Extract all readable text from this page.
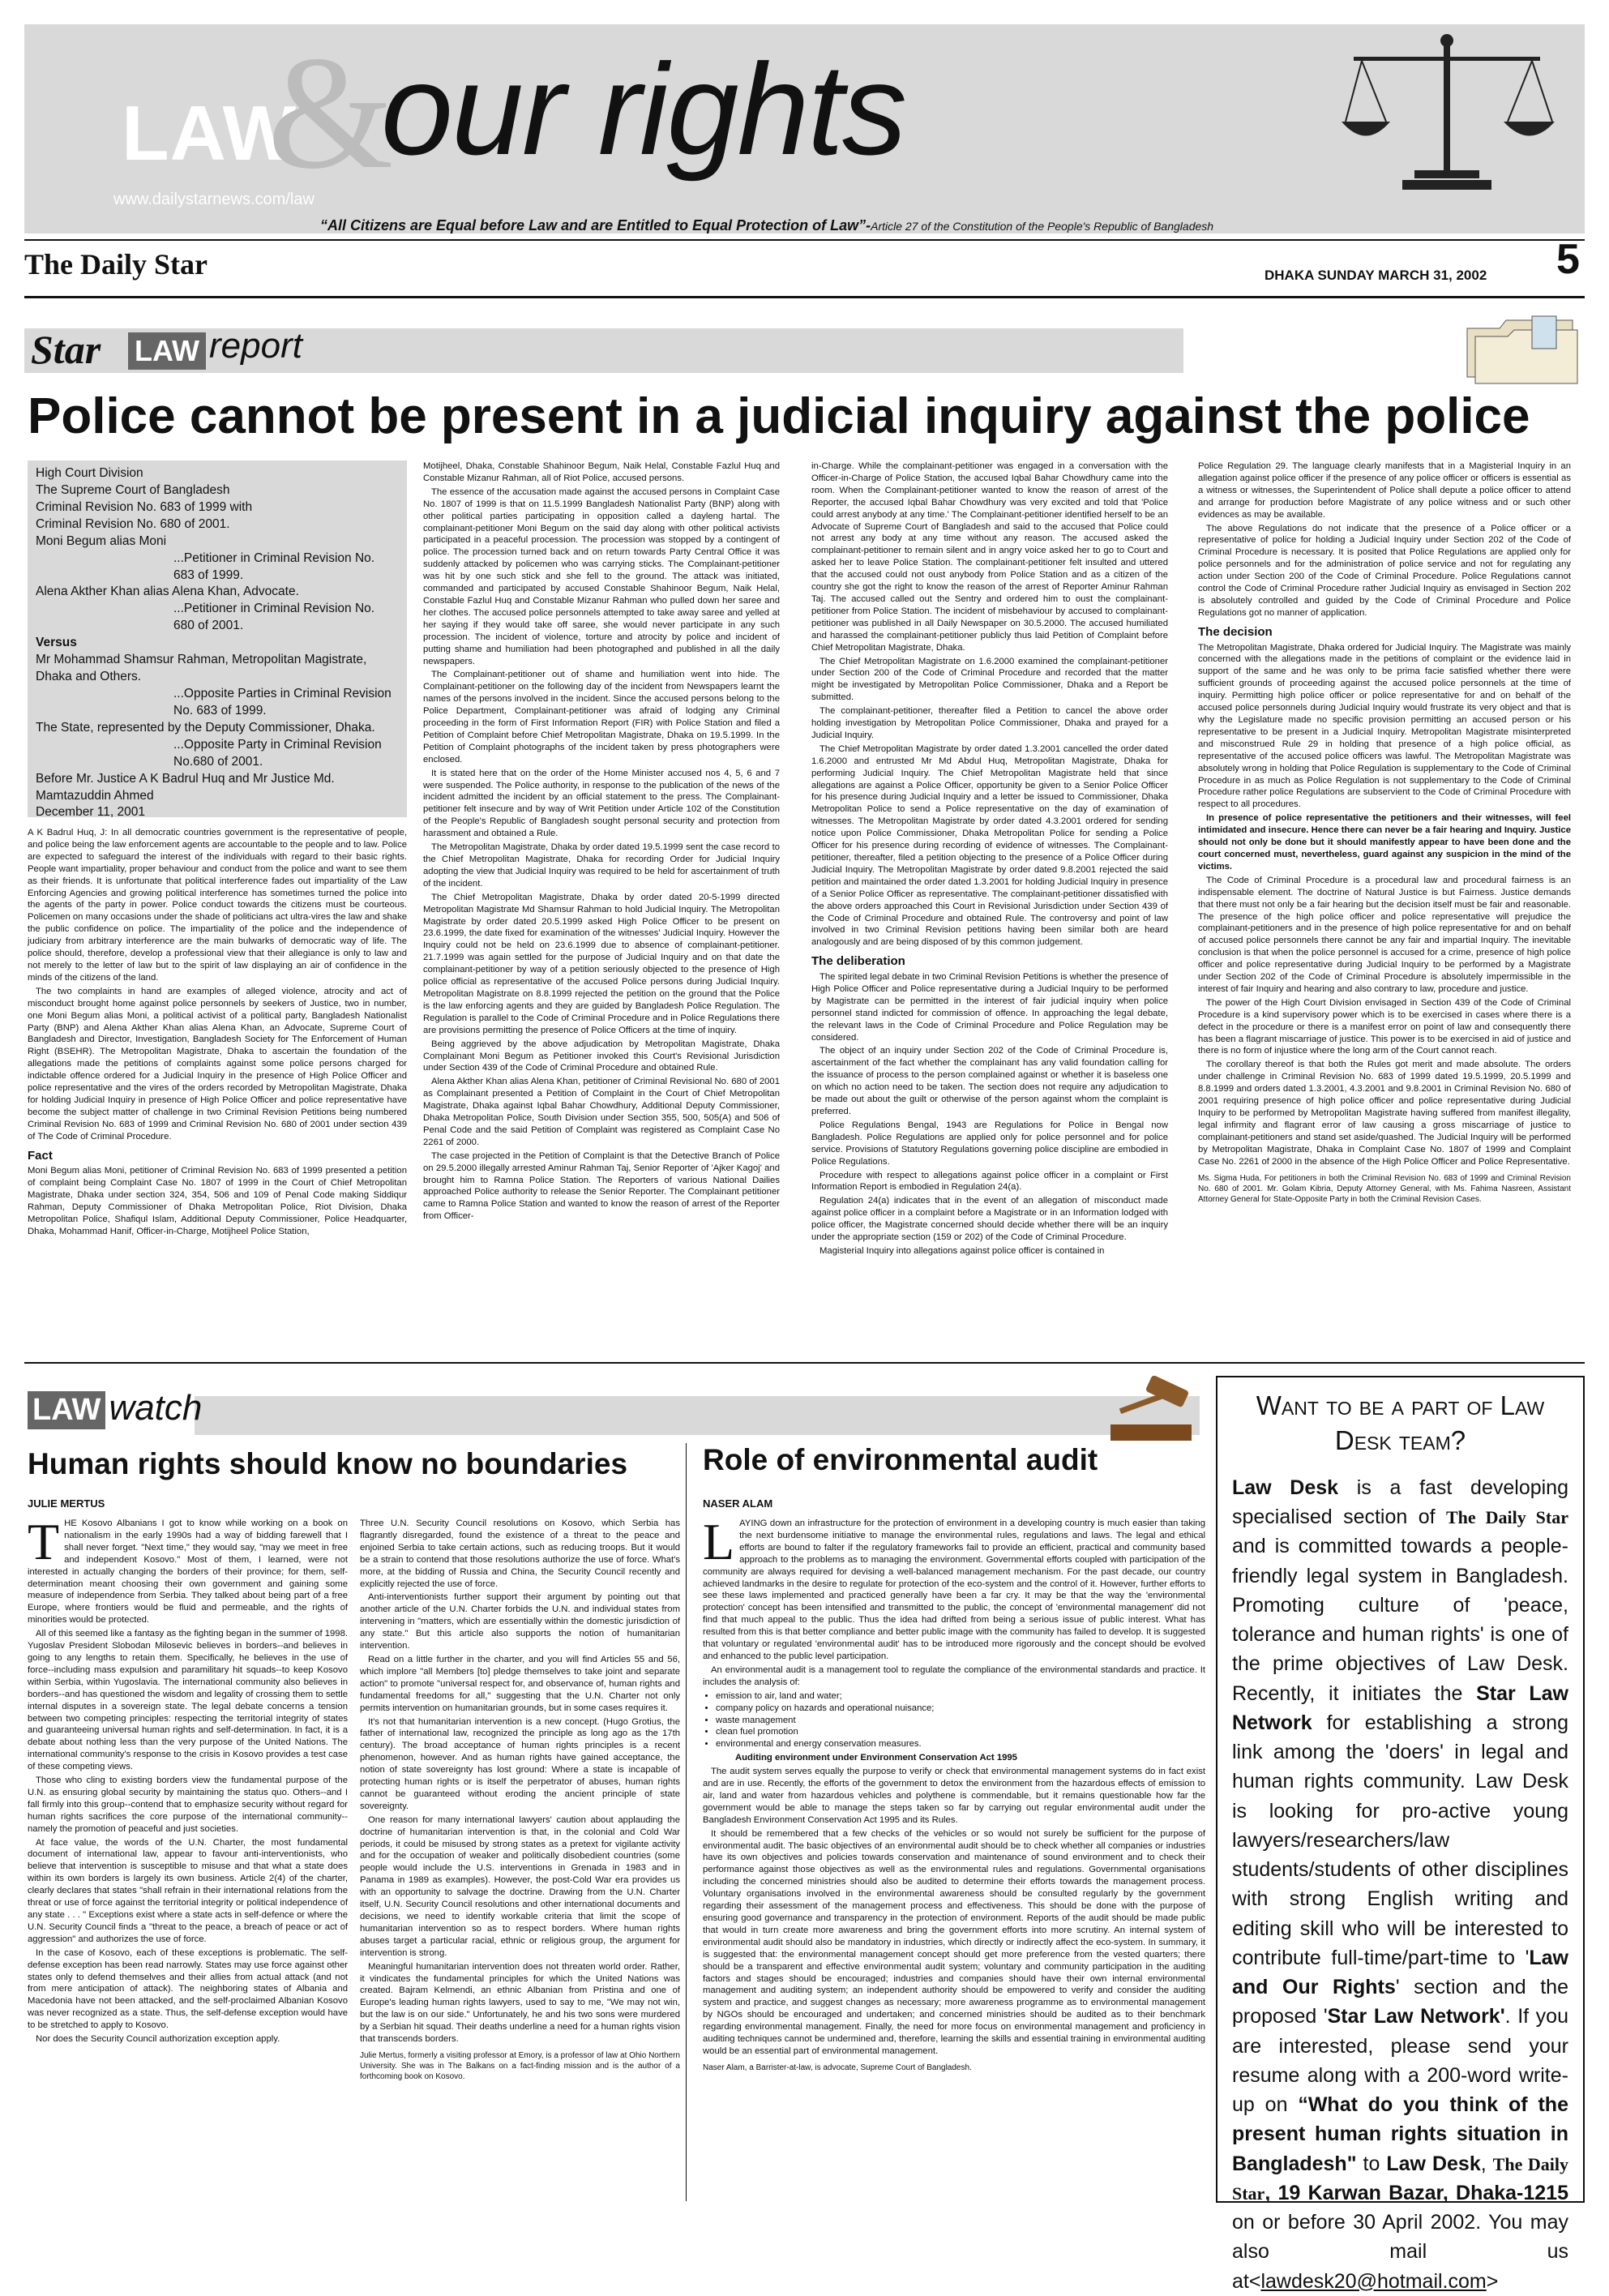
LAW
&
our rights
www.dailystarnews.com/law
“All Citizens are Equal before Law and are Entitled to Equal Protection of Law”-Article 27 of the Constitution of the People's Republic of Bangladesh
The Daily Star	DHAKA SUNDAY MARCH 31, 2002 5
Star LAW report
Police cannot be present in a judicial inquiry against the police
High Court Division
The Supreme Court of Bangladesh
Criminal Revision No. 683 of 1999 with
Criminal Revision No. 680 of 2001.
Moni Begum alias Moni
...Petitioner in Criminal Revision No. 683 of 1999.
Alena Akther Khan alias Alena Khan, Advocate.
...Petitioner in Criminal Revision No. 680 of 2001.
Versus
Mr Mohammad Shamsur Rahman, Metropolitan Magistrate, Dhaka and Others.
...Opposite Parties in Criminal Revision No. 683 of 1999.
The State, represented by the Deputy Commissioner, Dhaka.
...Opposite Party in Criminal Revision No.680 of 2001.
Before Mr. Justice A K Badrul Huq and Mr Justice Md. Mamtazuddin Ahmed
December 11, 2001

A K Badrul Huq, J: In all democratic countries government is the representative of people, and police being the law enforcement agents are accountable to the people and to law. Police are expected to safeguard the interest of the individuals with regard to their basic rights. People want impartiality, proper behaviour and conduct from the police and want to see them as their friends. It is unfortunate that political interference fades out impartiality of the Law Enforcing Agencies and growing political interference has sometimes turned the police into the agents of the party in power. Police conduct towards the citizens must be courteous. Policemen on many occasions under the shade of politicians act ultra-vires the law and shake the public confidence on police. The impartiality of the police and the independence of judiciary from arbitrary interference are the main bulwarks of democratic way of life. The police should, therefore, develop a professional view that their allegiance is only to law and not merely to the letter of law but to the spirit of law displaying an air of confidence in the minds of the citizens of the land.

The two complaints in hand are examples of alleged violence, atrocity and act of misconduct brought home against police personnels by seekers of Justice, two in number, one Moni Begum alias Moni, a political activist of a political party, Bangladesh Nationalist Party (BNP) and Alena Akther Khan alias Alena Khan, an Advocate, Supreme Court of Bangladesh and Director, Investigation, Bangladesh Society for The Enforcement of Human Right (BSEHR). The Metropolitan Magistrate, Dhaka to ascertain the foundation of the allegations made the petitions of complaints against some police persons charged for indictable offence ordered for a Judicial Inquiry in the presence of High Police Officer and police representative and the vires of the orders recorded by Metropolitan Magistrate, Dhaka for holding Judicial Inquiry in presence of High Police Officer and police representative have become the subject matter of challenge in two Criminal Revision Petitions being numbered Criminal Revision No. 683 of 1999 and Criminal Revision No. 680 of 2001 under section 439 of The Code of Criminal Procedure.

Fact

Moni Begum alias Moni, petitioner of Criminal Revision No. 683 of 1999 presented a petition of complaint being Complaint Case No. 1807 of 1999 in the Court of Chief Metropolitan Magistrate, Dhaka under section 324, 354, 506 and 109 of Penal Code making Siddiqur Rahman, Deputy Commissioner of Dhaka Metropolitan Police, Riot Division, Dhaka Metropolitan Police, Shafiqul Islam, Additional Deputy Commissioner, Police Headquarter, Dhaka, Mohammad Hanif, Officer-in-Charge, Motijheel Police Station,

Motijheel, Dhaka, Constable Shahinoor Begum, Naik Helal, Constable Fazlul Huq and Constable Mizanur Rahman, all of Riot Police, accused persons.

The essence of the accusation made against the accused persons in Complaint Case No. 1807 of 1999 is that on 11.5.1999 Bangladesh Nationalist Party (BNP) along with other political parties participating in opposition called a dayleng hartal. The complainant-petitioner Moni Begum on the said day along with other political activists participated in a peaceful procession. The procession was stopped by a contingent of police. The procession turned back and on return towards Party Central Office it was suddenly attacked by policemen who was carrying sticks. The Complainant-petitioner was hit by one such stick and she fell to the ground. The attack was initiated, commanded and participated by accused Constable Shahinoor Begum, Naik Helal, Constable Fazlul Huq and Constable Mizanur Rahman who pulled down her saree and her clothes. The accused police personnels attempted to take away saree and yelled at her saying if they would take off saree, she would never participate in any such procession. The incident of violence, torture and atrocity by police and incident of putting shame and humiliation had been photographed and published in all the daily newspapers.

The Complainant-petitioner out of shame and humiliation went into hide. The Complainant-petitioner on the following day of the incident from Newspapers learnt the names of the persons involved in the incident. Since the accused persons belong to the Police Department, Complainant-petitioner was afraid of lodging any Criminal proceeding in the form of First Information Report (FIR) with Police Station and filed a Petition of Complaint before Chief Metropolitan Magistrate, Dhaka on 19.5.1999. In the Petition of Complaint photographs of the incident taken by press photographers were enclosed.

It is stated here that on the order of the Home Minister accused nos 4, 5, 6 and 7 were suspended. The Police authority, in response to the publication of the news of the incident admitted the incident by an official statement to the press. The Complainant-petitioner felt insecure and by way of Writ Petition under Article 102 of the Constitution of the People's Republic of Bangladesh sought personal security and protection from harassment and obtained a Rule.

The Metropolitan Magistrate, Dhaka by order dated 19.5.1999 sent the case record to the Chief Metropolitan Magistrate, Dhaka for recording Order for Judicial Inquiry adopting the view that Judicial Inquiry was required to be held for ascertainment of truth of the incident.

The Chief Metropolitan Magistrate, Dhaka by order dated 20-5-1999 directed Metropolitan Magistrate Md Shamsur Rahman to hold Judicial Inquiry. The Metropolitan Magistrate by order dated 20.5.1999 asked High Police Officer to be present on 23.6.1999, the date fixed for examination of the witnesses' Judicial Inquiry. However the Inquiry could not be held on 23.6.1999 due to absence of complainant-petitioner. 21.7.1999 was again settled for the purpose of Judicial Inquiry and on that date the complainant-petitioner by way of a petition seriously objected to the presence of High police official as representative of the accused Police persons during Judicial Inquiry. Metropolitan Magistrate on 8.8.1999 rejected the petition on the ground that the Police is the law enforcing agents and they are guided by Bangladesh Police Regulation. The Regulation is parallel to the Code of Criminal Procedure and in Police Regulations there are provisions permitting the presence of Police Officers at the time of inquiry.

Being aggrieved by the above adjudication by Metropolitan Magistrate, Dhaka Complainant Moni Begum as Petitioner invoked this Court's Revisional Jurisdiction under Section 439 of the Code of Criminal Procedure and obtained Rule.

Alena Akther Khan alias Alena Khan, petitioner of Criminal Revisional No. 680 of 2001 as Complainant presented a Petition of Complaint in the Court of Chief Metropolitan Magistrate, Dhaka against Iqbal Bahar Chowdhury, Additional Deputy Commissioner, Dhaka Metropolitan Police, South Division under Section 355, 500, 505(A) and 506 of Penal Code and the said Petition of Complaint was registered as Complaint Case No 2261 of 2000.

The case projected in the Petition of Complaint is that the Detective Branch of Police on 29.5.2000 illegally arrested Aminur Rahman Taj, Senior Reporter of 'Ajker Kagoj' and brought him to Ramna Police Station. The Reporters of various National Dailies approached Police authority to release the Senior Reporter. The Complainant petitioner came to Ramna Police Station and wanted to know the reason of arrest of the Reporter from Officer-

in-Charge. While the complainant-petitioner was engaged in a conversation with the Officer-in-Charge of Police Station, the accused Iqbal Bahar Chowdhury came into the room. When the Complainant-petitioner wanted to know the reason of arrest of the Reporter, the accused Iqbal Bahar Chowdhury was very excited and told that 'Police could arrest anybody at any time.' The Complainant-petitioner identified herself to be an Advocate of Supreme Court of Bangladesh and said to the accused that Police could not arrest any body at any time without any reason. The accused asked the complainant-petitioner to remain silent and in angry voice asked her to go to Court and asked her to leave Police Station. The complainant-petitioner felt insulted and uttered that the accused could not oust anybody from Police Station and as a citizen of the country she got the right to know the reason of the arrest of Reporter Aminur Rahman Taj. The accused called out the Sentry and ordered him to oust the complainant-petitioner from Police Station. The incident of misbehaviour by accused to complainant-petitioner was published in all Daily Newspaper on 30.5.2000. The accused humiliated and harassed the complainant-petitioner publicly thus laid Petition of Complaint before Chief Metropolitan Magistrate, Dhaka.

The Chief Metropolitan Magistrate on 1.6.2000 examined the complainant-petitioner under Section 200 of the Code of Criminal Procedure and recorded that the matter might be investigated by Metropolitan Police Commissioner, Dhaka and a Report be submitted.

The complainant-petitioner, thereafter filed a Petition to cancel the above order holding investigation by Metropolitan Police Commissioner, Dhaka and prayed for a Judicial Inquiry.

The Chief Metropolitan Magistrate by order dated 1.3.2001 cancelled the order dated 1.6.2000 and entrusted Mr Md Abdul Huq, Metropolitan Magistrate, Dhaka for performing Judicial Inquiry. The Chief Metropolitan Magistrate held that since allegations are against a Police Officer, opportunity be given to a Senior Police Officer for his presence during Judicial Inquiry and a letter be issued to Commissioner, Dhaka Metropolitan Police to send a Police representative on the day of examination of witnesses. The Metropolitan Magistrate by order dated 4.3.2001 ordered for sending notice upon Police Commissioner, Dhaka Metropolitan Police for sending a Police Officer for his presence during recording of evidence of witnesses. The Complainant-petitioner, thereafter, filed a petition objecting to the presence of a Police Officer during Judicial Inquiry. The Metropolitan Magistrate by order dated 9.8.2001 rejected the said petition and maintained the order dated 1.3.2001 for holding Judicial Inquiry in presence of a Senior Police Officer as representative. The complainant-petitioner dissatisfied with the above orders approached this Court in Revisional Jurisdiction under Section 439 of the Code of Criminal Procedure and obtained Rule. The controversy and point of law involved in two Criminal Revision petitions having been similar both are heard analogously and are being disposed of by this common judgement.

The deliberation

The spirited legal debate in two Criminal Revision Petitions is whether the presence of High Police Officer and Police representative during a Judicial Inquiry to be performed by Magistrate can be permitted in the interest of fair judicial inquiry when police personnel stand indicted for commission of offence. In approaching the legal debate, the relevant laws in the Code of Criminal Procedure and Police Regulation may be considered.

The object of an inquiry under Section 202 of the Code of Criminal Procedure is, ascertainment of the fact whether the complainant has any valid foundation calling for the issuance of process to the person complained against or whether it is baseless one on which no action need to be taken. The section does not require any adjudication to be made out about the guilt or otherwise of the person against whom the complaint is preferred.

Police Regulations Bengal, 1943 are Regulations for Police in Bengal now Bangladesh. Police Regulations are applied only for police personnel and for police service. Provisions of Statutory Regulations governing police discipline are embodied in Police Regulations.

Procedure with respect to allegations against police officer in a complaint or First Information Report is embodied in Regulation 24(a).

Regulation 24(a) indicates that in the event of an allegation of misconduct made against police officer in a complaint before a Magistrate or in an Information lodged with police officer, the Magistrate concerned should decide whether there will be an inquiry under the appropriate section (159 or 202) of the Code of Criminal Procedure.

Magisterial Inquiry into allegations against police officer is contained in

Police Regulation 29. The language clearly manifests that in a Magisterial Inquiry in an allegation against police officer if the presence of any police officer or officers is essential as a witness or witnesses, the Superintendent of Police shall depute a police officer to attend and arrange for production before Magistrate of any police witness and or such other evidences as may be available.

The above Regulations do not indicate that the presence of a Police officer or a representative of police for holding a Judicial Inquiry under Section 202 of the Code of Criminal Procedure is necessary. It is posited that Police Regulations are applied only for police personnels and for the administration of police service and not for regulating any action under Section 200 of the Code of Criminal Procedure. Police Regulations cannot control the Code of Criminal Procedure rather Judicial Inquiry as envisaged in Section 202 is absolutely controlled and guided by the Code of Criminal Procedure and Police Regulations got no manner of application.

The decision

The Metropolitan Magistrate, Dhaka ordered for Judicial Inquiry. The Magistrate was mainly concerned with the allegations made in the petitions of complaint or the evidence laid in support of the same and he was only to be prima facie satisfied whether there were sufficient grounds of proceeding against the accused police personnels at the time of inquiry. Permitting high police officer or police representative for and on behalf of the accused police personnels during Judicial Inquiry would frustrate its very object and that is why the Legislature made no specific provision permitting an accused person or his representative to be present in a Judicial Inquiry. Metropolitan Magistrate misinterpreted and misconstrued Rule 29 in holding that presence of a high police official, as representative of the accused police officers was lawful. The Metropolitan Magistrate was absolutely wrong in holding that Police Regulation is supplementary to the Code of Criminal Procedure in as much as Police Regulation is not supplementary to the Code of Criminal Procedure rather police Regulations are subservient to the Code of Criminal Procedure with respect to all procedures.

In presence of police representative the petitioners and their witnesses, will feel intimidated and insecure. Hence there can never be a fair hearing and Inquiry. Justice should not only be done but it should manifestly appear to have been done and the court concerned must, nevertheless, guard against any suspicion in the mind of the victims.

The Code of Criminal Procedure is a procedural law and procedural fairness is an indispensable element. The doctrine of Natural Justice is but Fairness. Justice demands that there must not only be a fair hearing but the decision itself must be fair and reasonable. The presence of the high police officer and police representative will prejudice the complainant-petitioners and in the presence of high police representative for and on behalf of accused police personnels there cannot be any fair and impartial Inquiry. The inevitable conclusion is that when the police personnel is accused for a crime, presence of high police officer and police representative during Judicial Inquiry to be performed by a Magistrate under Section 202 of the Code of Criminal Procedure is absolutely impermissible in the interest of fair Inquiry and hearing and also contrary to law, procedure and justice.

The power of the High Court Division envisaged in Section 439 of the Code of Criminal Procedure is a kind supervisory power which is to be exercised in cases where there is a defect in the procedure or there is a manifest error on point of law and consequently there has been a flagrant miscarriage of justice. This power is to be exercised in aid of justice and there is no form of injustice where the long arm of the Court cannot reach.

The corollary thereof is that both the Rules got merit and made absolute. The orders under challenge in Criminal Revision No. 683 of 1999 dated 19.5.1999, 20.5.1999 and 8.8.1999 and orders dated 1.3.2001, 4.3.2001 and 9.8.2001 in Criminal Revision No. 680 of 2001 requiring presence of high police officer and police representative during Judicial Inquiry to be performed by Metropolitan Magistrate having suffered from manifest illegality, legal infirmity and flagrant error of law causing a gross miscarriage of justice to complainant-petitioners and stand set aside/quashed. The Judicial Inquiry will be performed by Metropolitan Magistrate, Dhaka in Complaint Case No. 1807 of 1999 and Complaint Case No. 2261 of 2000 in the absence of the High Police Officer and Police Representative.

Ms. Sigma Huda, For petitioners in both the Criminal Revision No. 683 of 1999 and Criminal Revision No. 680 of 2001. Mr. Golam Kibria, Deputy Attorney General, with Ms. Fahima Nasreen, Assistant Attorney General for State-Opposite Party in both the Criminal Revision Cases.
LAW watch
Human rights should know no boundaries
JULIE MERTUS
Role of environmental audit
NASER ALAM

THE Kosovo Albanians I got to know while working on a book on nationalism in the early 1990s had a way of bidding farewell that I shall never forget. "Next time," they would say, "may we meet in free and independent Kosovo." Most of them, I learned, were not interested in actually changing the borders of their province; for them, self-determination meant choosing their own government and gaining some measure of independence from Serbia. They talked about being part of a free Europe, where frontiers would be fluid and permeable, and the rights of minorities would be protected.

All of this seemed like a fantasy as the fighting began in the summer of 1998. Yugoslav President Slobodan Milosevic believes in borders--and believes in going to any lengths to retain them. Specifically, he believes in the use of force--including mass expulsion and paramilitary hit squads--to keep Kosovo within Serbia, within Yugoslavia. The international community also believes in borders--and has questioned the wisdom and legality of crossing them to settle internal disputes in a sovereign state. The legal debate concerns a tension between two competing principles: respecting the territorial integrity of states and guaranteeing universal human rights and self-determination. In fact, it is a debate about nothing less than the very purpose of the United Nations. The international community's response to the crisis in Kosovo provides a test case of these competing views.

Those who cling to existing borders view the fundamental purpose of the U.N. as ensuring global security by maintaining the status quo. Others--and I fall firmly into this group--contend that to emphasize security without regard for human rights sacrifices the core purpose of the international community--namely the promotion of peaceful and just societies.

At face value, the words of the U.N. Charter, the most fundamental document of international law, appear to favour anti-interventionists, who believe that intervention is susceptible to misuse and that what a state does within its own borders is largely its own business. Article 2(4) of the charter, clearly declares that states "shall refrain in their international relations from the threat or use of force against the territorial integrity or political independence of any state . . . " Exceptions exist where a state acts in self-defence or where the U.N. Security Council finds a "threat to the peace, a breach of peace or act of aggression" and authorizes the use of force.

In the case of Kosovo, each of these exceptions is problematic. The self-defense exception has been read narrowly. States may use force against other states only to defend themselves and their allies from actual attack (and not from mere anticipation of attack). The neighboring states of Albania and Macedonia have not been attacked, and the self-proclaimed Albanian Kosovo was never recognized as a state. Thus, the self-defense exception would have to be stretched to apply to Kosovo.

Nor does the Security Council authorization exception apply.

Three U.N. Security Council resolutions on Kosovo, which Serbia has flagrantly disregarded, found the existence of a threat to the peace and enjoined Serbia to take certain actions, such as reducing troops. But it would be a strain to contend that those resolutions authorize the use of force. What's more, at the bidding of Russia and China, the Security Council recently and explicitly rejected the use of force.

Anti-interventionists further support their argument by pointing out that another article of the U.N. Charter forbids the U.N. and individual states from intervening in "matters, which are essentially within the domestic jurisdiction of any state." But this article also supports the notion of humanitarian intervention.

Read on a little further in the charter, and you will find Articles 55 and 56, which implore "all Members [to] pledge themselves to take joint and separate action" to promote "universal respect for, and observance of, human rights and fundamental freedoms for all," suggesting that the U.N. Charter not only permits intervention on humanitarian grounds, but in some cases requires it.

It's not that humanitarian intervention is a new concept. (Hugo Grotius, the father of international law, recognized the principle as long ago as the 17th century). The broad acceptance of human rights principles is a recent phenomenon, however. And as human rights have gained acceptance, the notion of state sovereignty has lost ground: Where a state is incapable of protecting human rights or is itself the perpetrator of abuses, human rights cannot be guaranteed without eroding the ancient principle of state sovereignty.

One reason for many international lawyers' caution about applauding the doctrine of humanitarian intervention is that, in the colonial and Cold War periods, it could be misused by strong states as a pretext for vigilante activity and for the occupation of weaker and politically disobedient countries (some people would include the U.S. interventions in Grenada in 1983 and in Panama in 1989 as examples). However, the post-Cold War era provides us with an opportunity to salvage the doctrine. Drawing from the U.N. Charter itself, U.N. Security Council resolutions and other international documents and decisions, we need to identify workable criteria that limit the scope of humanitarian intervention so as to respect borders. Where human rights abuses target a particular racial, ethnic or religious group, the argument for intervention is strong.

Meaningful humanitarian intervention does not threaten world order. Rather, it vindicates the fundamental principles for which the United Nations was created. Bajram Kelmendi, an ethnic Albanian from Pristina and one of Europe's leading human rights lawyers, used to say to me, "We may not win, but the law is on our side." Unfortunately, he and his two sons were murdered by a Serbian hit squad. Their deaths underline a need for a human rights vision that transcends borders.

Julie Mertus, formerly a visiting professor at Emory, is a professor of law at Ohio Northern University. She was in The Balkans on a fact-finding mission and is the author of a forthcoming book on Kosovo.

LAYING down an infrastructure for the protection of environment in a developing country is much easier than taking the next burdensome initiative to manage the environmental rules, regulations and laws. The legal and ethical efforts are bound to falter if the regulatory frameworks fail to provide an efficient, practical and community based approach to the problems as to managing the environment. Governmental efforts coupled with participation of the community are always required for devising a well-balanced management mechanism. For the past decade, our country achieved landmarks in the desire to regulate for protection of the eco-system and the control of it. However, further efforts to see these laws implemented and practiced generally have been a far cry. It may be that the way the 'environmental protection' concept has been intensified and transmitted to the public, the concept of 'environmental management' did not find that much appeal to the public. Thus the idea had drifted from being a serious issue of public interest. What has resulted from this is that better compliance and better public image with the community has failed to develop. It is suggested that voluntary or regulated 'environmental audit' has to be introduced more rigorously and the concept should be evolved and enhanced to the public level participation.

An environmental audit is a management tool to regulate the compliance of the environmental standards and practice. It includes the analysis of:

• emission to air, land and water;
• company policy on hazards and operational nuisance;
• waste management
• clean fuel promotion
• environmental and energy conservation measures.

Auditing environment under Environment Conservation Act 1995

The audit system serves equally the purpose to verify or check that environmental management systems do in fact exist and are in use. Recently, the efforts of the government to detox the environment from the hazardous effects of emission to air, land and water from hazardous vehicles and polythene is commendable, but it remains questionable how far the government would be able to manage the steps taken so far by carrying out regular environmental audit under the Bangladesh Environment Conservation Act 1995 and its Rules.

It should be remembered that a few checks of the vehicles or so would not surely be sufficient for the purpose of environmental audit. The basic objectives of an environmental audit should be to check whether all companies or industries have its own objectives and policies towards conservation and maintenance of sound environment and to check their performance against those objectives as well as the environmental rules and regulations. Governmental organisations including the concerned ministries should also be audited to determine their efforts towards the management process. Voluntary organisations involved in the environmental awareness should be consulted regularly by the government regarding their assessment of the management process and effectiveness. This should be done with the purpose of ensuring good governance and transparency in the protection of environment. Reports of the audit should be made public that would in turn create more awareness and bring the government efforts into more scrutiny. An internal system of environmental audit should also be mandatory in industries, which directly or indirectly affect the eco-system. In summary, it is suggested that: the environmental management concept should get more preference from the vested quarters; there should be a transparent and effective environmental audit system; voluntary and community participation in the auditing factors and stages should be encouraged; industries and companies should have their own internal environmental management and auditing system; an independent authority should be empowered to verify and consider the auditing system and practice, and suggest changes as necessary; more awareness programme as to environmental management by NGOs should be encouraged and undertaken; and concerned ministries should be audited as to their benchmark regarding environmental management. Finally, the need for more focus on environmental management and proficiency in auditing techniques cannot be undermined and, therefore, learning the skills and essential training in environmental auditing would be an essential part of environmental management.

Naser Alam, a Barrister-at-law, is advocate, Supreme Court of Bangladesh.
Want to be a part of Law Desk team?
Law Desk is a fast developing specialised section of The Daily Star and is committed towards a people-friendly legal system in Bangladesh. Promoting culture of 'peace, tolerance and human rights' is one of the prime objectives of Law Desk. Recently, it initiates the Star Law Network for establishing a strong link among the 'doers' in legal and human rights community. Law Desk is looking for pro-active young lawyers/researchers/law students/students of other disciplines with strong English writing and editing skill who will be interested to contribute full-time/part-time to 'Law and Our Rights' section and the proposed 'Star Law Network'. If you are interested, please send your resume along with a 200-word write-up on “What do you think of the present human rights situation in Bangladesh" to Law Desk, The Daily Star, 19 Karwan Bazar, Dhaka-1215 on or before 30 April 2002. You may also mail us at<lawdesk20@hotmail.com>
